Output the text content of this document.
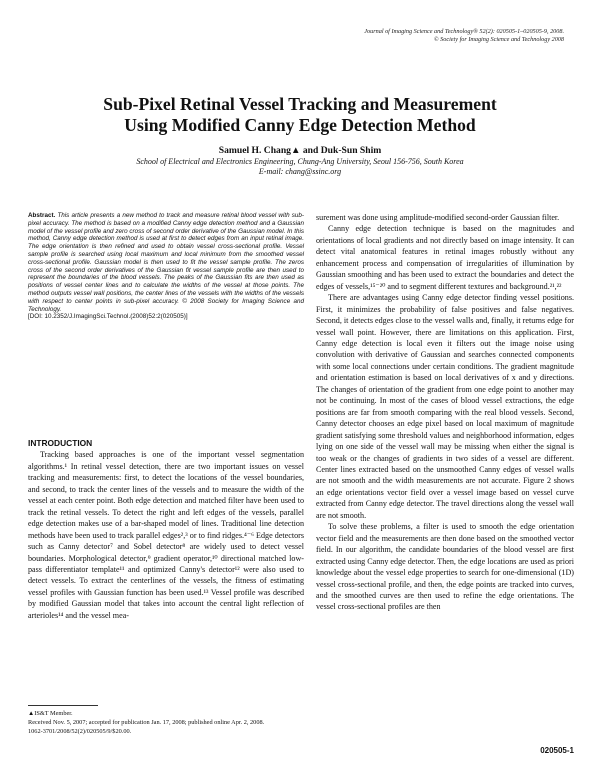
Journal of Imaging Science and Technology® 52(2): 020505-1–020505-9, 2008.
© Society for Imaging Science and Technology 2008
Sub-Pixel Retinal Vessel Tracking and Measurement
Using Modified Canny Edge Detection Method
Samuel H. Chang▲ and Duk-Sun Shim
School of Electrical and Electronics Engineering, Chung-Ang University, Seoul 156-756, South Korea
E-mail: chang@ssinc.org
Abstract. This article presents a new method to track and measure retinal blood vessel with sub-pixel accuracy. The method is based on a modified Canny edge detection method and a Gaussian model of the vessel profile and zero cross of second order derivative of the Gaussian model. In this method, Canny edge detection method is used at first to detect edges from an input retinal image. The edge orientation is then refined and used to obtain vessel cross-sectional profile. Vessel sample profile is searched using local maximum and local minimum from the smoothed vessel cross-sectional profile. Gaussian model is then used to fit the vessel sample profile. The zeros cross of the second order derivatives of the Gaussian fit vessel sample profile are then used to represent the boundaries of the blood vessels. The peaks of the Gaussian fits are then used as positions of vessel center lines and to calculate the widths of the vessel at those points. The method outputs vessel wall positions, the center lines of the vessels with the widths of the vessels with respect to center points in sub-pixel accuracy. © 2008 Society for Imaging Science and Technology.
[DOI: 10.2352/J.ImagingSci.Technol.(2008)52:2(020505)]

INTRODUCTION

Tracking based approaches is one of the important vessel segmentation algorithms.¹ In retinal vessel detection, there are two important issues on vessel tracking and measurements: first, to detect the locations of the vessel boundaries, and second, to track the center lines of the vessels and to measure the width of the vessel at each center point. Both edge detection and matched filter have been used to track the retinal vessels. To detect the right and left edges of the vessels, parallel edge detection makes use of a bar-shaped model of lines. Traditional line detection methods have been used to track parallel edges²,³ or to find ridges.⁴⁻⁶ Edge detectors such as Canny detector⁷ and Sobel detector⁸ are widely used to detect vessel boundaries. Morphological detector,⁹ gradient operator,¹⁰ directional matched low-pass differentiator template¹¹ and optimized Canny's detector¹² were also used to detect vessels. To extract the centerlines of the vessels, the fitness of estimating vessel profiles with Gaussian function has been used.¹³ Vessel profile was described by modified Gaussian model that takes into account the central light reflection of arterioles¹⁴ and the vessel mea-

surement was done using amplitude-modified second-order Gaussian filter.

Canny edge detection technique is based on the magnitudes and orientations of local gradients and not directly based on image intensity. It can detect vital anatomical features in retinal images robustly without any enhancement process and compensation of irregularities of illumination by Gaussian smoothing and has been used to extract the boundaries and detect the edges of vessels,¹⁵⁻²⁰ and to segment different textures and background.²¹,²²

There are advantages using Canny edge detector finding vessel positions. First, it minimizes the probability of false positives and false negatives. Second, it detects edges close to the vessel walls and, finally, it returns edge for vessel wall point. However, there are limitations on this application. First, Canny edge detection is local even it filters out the image noise using convolution with derivative of Gaussian and searches connected components with some local connections under certain conditions. The gradient magnitude and orientation estimation is based on local derivatives of x and y directions. The changes of orientation of the gradient from one edge point to another may not be continuing. In most of the cases of blood vessel extractions, the edge positions are far from smooth comparing with the real blood vessels. Second, Canny detector chooses an edge pixel based on local maximum of magnitude gradient satisfying some threshold values and neighborhood information, edges lying on one side of the vessel wall may be missing when either the signal is too weak or the changes of gradients in two sides of a vessel are different. Center lines extracted based on the unsmoothed Canny edges of vessel walls are not smooth and the width measurements are not accurate. Figure 2 shows an edge orientations vector field over a vessel image based on vessel curve extracted from Canny edge detector. The travel directions along the vessel wall are not smooth.

To solve these problems, a filter is used to smooth the edge orientation vector field and the measurements are then done based on the smoothed vector field. In our algorithm, the candidate boundaries of the blood vessel are first extracted using Canny edge detector. Then, the edge locations are used as priori knowledge about the vessel edge properties to search for one-dimensional (1D) vessel cross-sectional profile, and then, the edge points are tracked into curves, and the smoothed curves are then used to refine the edge orientations. The vessel cross-sectional profiles are then

▲IS&T Member.
Received Nov. 5, 2007; accepted for publication Jan. 17, 2008; published online Apr. 2, 2008.
1062-3701/2008/52(2)/020505/9/$20.00.
020505-1
